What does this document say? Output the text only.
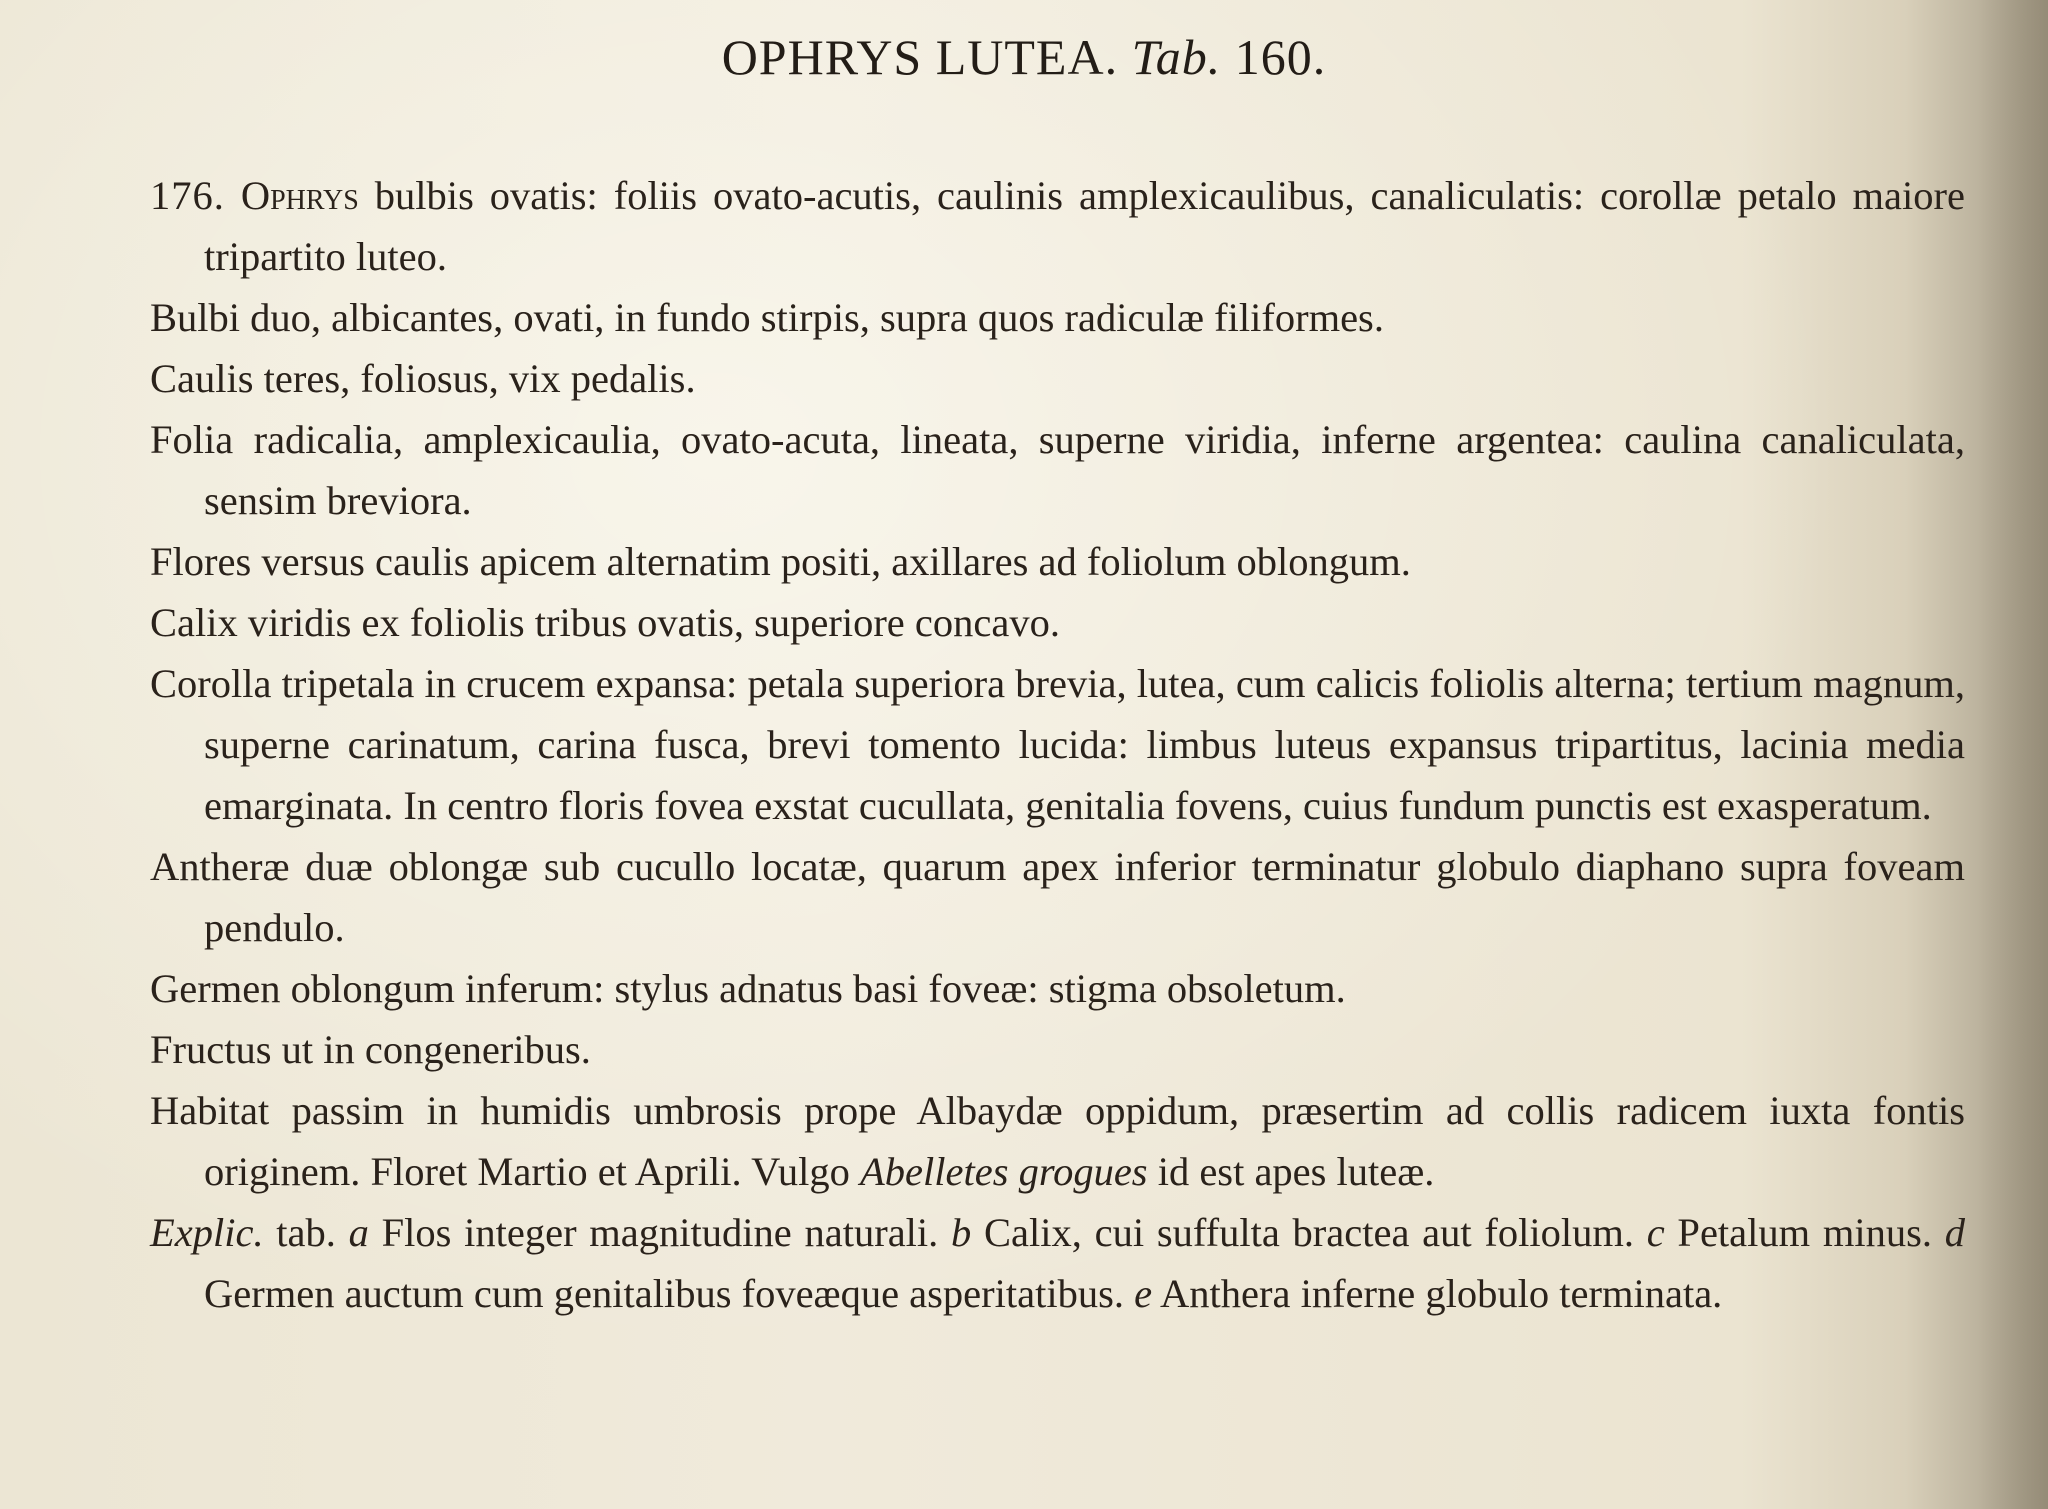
OPHRYS LUTEA. Tab. 160.

176. Ophrys bulbis ovatis: foliis ovato-acutis, caulinis amplexicaulibus, canaliculatis: corollæ petalo maiore tripartito luteo.

Bulbi duo, albicantes, ovati, in fundo stirpis, supra quos radiculæ filiformes.

Caulis teres, foliosus, vix pedalis.

Folia radicalia, amplexicaulia, ovato-acuta, lineata, superne viridia, inferne argentea: caulina canaliculata, sensim breviora.

Flores versus caulis apicem alternatim positi, axillares ad foliolum oblongum.

Calix viridis ex foliolis tribus ovatis, superiore concavo.

Corolla tripetala in crucem expansa: petala superiora brevia, lutea, cum calicis foliolis alterna; tertium magnum, superne carinatum, carina fusca, brevi tomento lucida: limbus luteus expansus tripartitus, lacinia media emarginata. In centro floris fovea exstat cucullata, genitalia fovens, cuius fundum punctis est exasperatum.

Antheræ duæ oblongæ sub cucullo locatæ, quarum apex inferior terminatur globulo diaphano supra foveam pendulo.

Germen oblongum inferum: stylus adnatus basi foveæ: stigma obsoletum.

Fructus ut in congeneribus.

Habitat passim in humidis umbrosis prope Albaydæ oppidum, præsertim ad collis radicem iuxta fontis originem. Floret Martio et Aprili. Vulgo Abelletes grogues id est apes luteæ.

Explic. tab. a Flos integer magnitudine naturali. b Calix, cui suffulta bractea aut foliolum. c Petalum minus. d Germen auctum cum genitalibus foveæque asperitatibus. e Anthera inferne globulo terminata.
